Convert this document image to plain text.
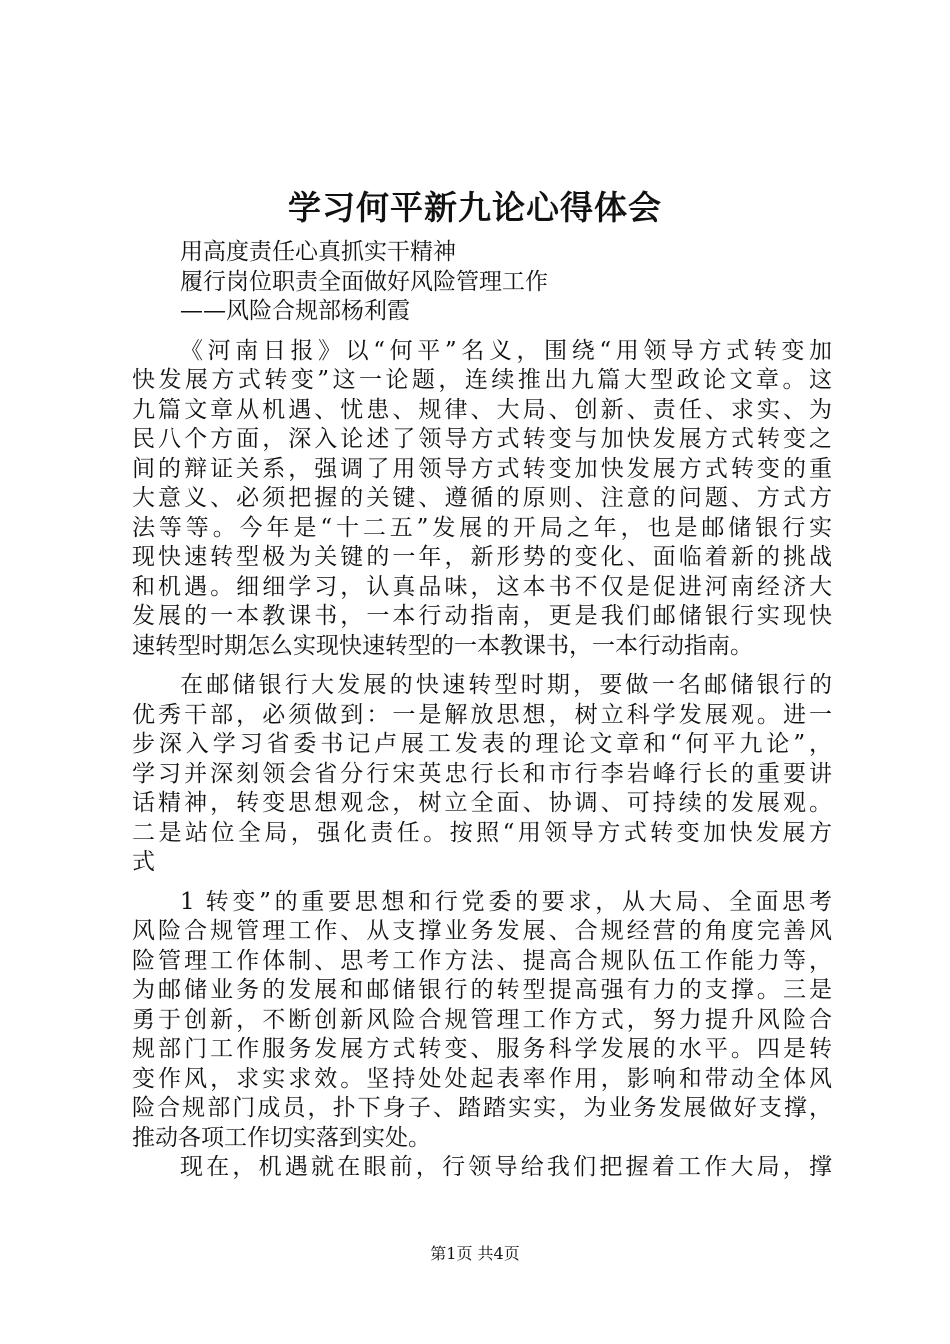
学习何平新九论心得体会
用高度责任心真抓实干精神
履行岗位职责全面做好风险管理工作
——风险合规部杨利霞
《河南日报》以“何平”名义，围绕“用领导方式转变加
快发展方式转变”这一论题，连续推出九篇大型政论文章。这
九篇文章从机遇、忧患、规律、大局、创新、责任、求实、为
民八个方面，深入论述了领导方式转变与加快发展方式转变之
间的辩证关系，强调了用领导方式转变加快发展方式转变的重
大意义、必须把握的关键、遵循的原则、注意的问题、方式方
法等等。今年是“十二五”发展的开局之年，也是邮储银行实
现快速转型极为关键的一年，新形势的变化、面临着新的挑战
和机遇。细细学习，认真品味，这本书不仅是促进河南经济大
发展的一本教课书，一本行动指南，更是我们邮储银行实现快
速转型时期怎么实现快速转型的一本教课书，一本行动指南。
在邮储银行大发展的快速转型时期，要做一名邮储银行的
优秀干部，必须做到：一是解放思想，树立科学发展观。进一
步深入学习省委书记卢展工发表的理论文章和“何平九论”，
学习并深刻领会省分行宋英忠行长和市行李岩峰行长的重要讲
话精神，转变思想观念，树立全面、协调、可持续的发展观。
二是站位全局，强化责任。按照“用领导方式转变加快发展方
式
1 转变”的重要思想和行党委的要求，从大局、全面思考
风险合规管理工作、从支撑业务发展、合规经营的角度完善风
险管理工作体制、思考工作方法、提高合规队伍工作能力等，
为邮储业务的发展和邮储银行的转型提高强有力的支撑。三是
勇于创新，不断创新风险合规管理工作方式，努力提升风险合
规部门工作服务发展方式转变、服务科学发展的水平。四是转
变作风，求实求效。坚持处处起表率作用，影响和带动全体风
险合规部门成员，扑下身子、踏踏实实，为业务发展做好支撑，
推动各项工作切实落到实处。
现在，机遇就在眼前，行领导给我们把握着工作大局，撑
第1页 共4页
